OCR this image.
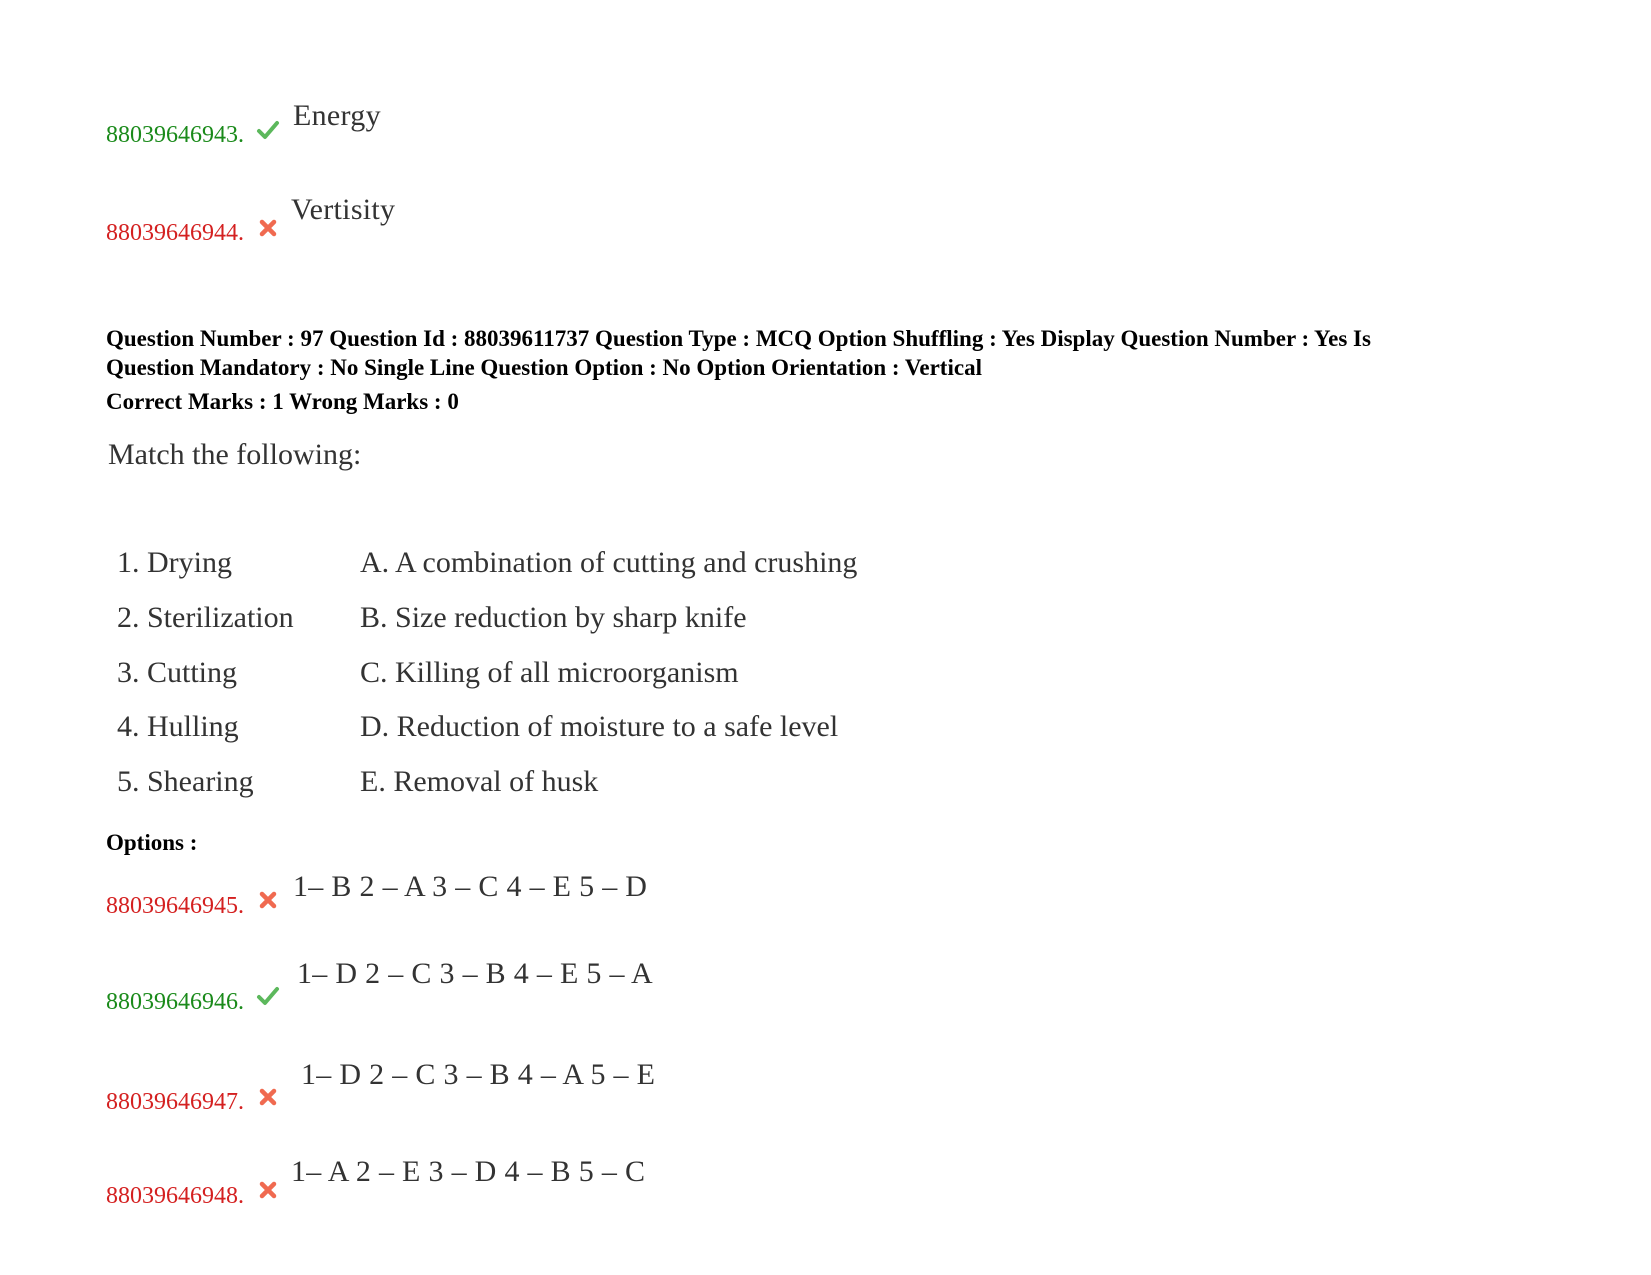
88039646943.
Energy
88039646944.
Vertisity
Question Number : 97 Question Id : 88039611737 Question Type : MCQ Option Shuffling : Yes Display Question Number : Yes Is
Question Mandatory : No Single Line Question Option : No Option Orientation : Vertical
Correct Marks : 1 Wrong Marks : 0
Match the following:
1. Drying
2. Sterilization
3. Cutting
4. Hulling
5. Shearing
A. A combination of cutting and crushing
B. Size reduction by sharp knife
C. Killing of all microorganism
D. Reduction of moisture to a safe level
E. Removal of husk
Options :
88039646945.
1– B 2 – A 3 – C 4 – E 5 – D
88039646946.
1– D 2 – C 3 – B 4 – E 5 – A
88039646947.
1– D 2 – C 3 – B 4 – A 5 – E
88039646948.
1– A 2 – E 3 – D 4 – B 5 – C
